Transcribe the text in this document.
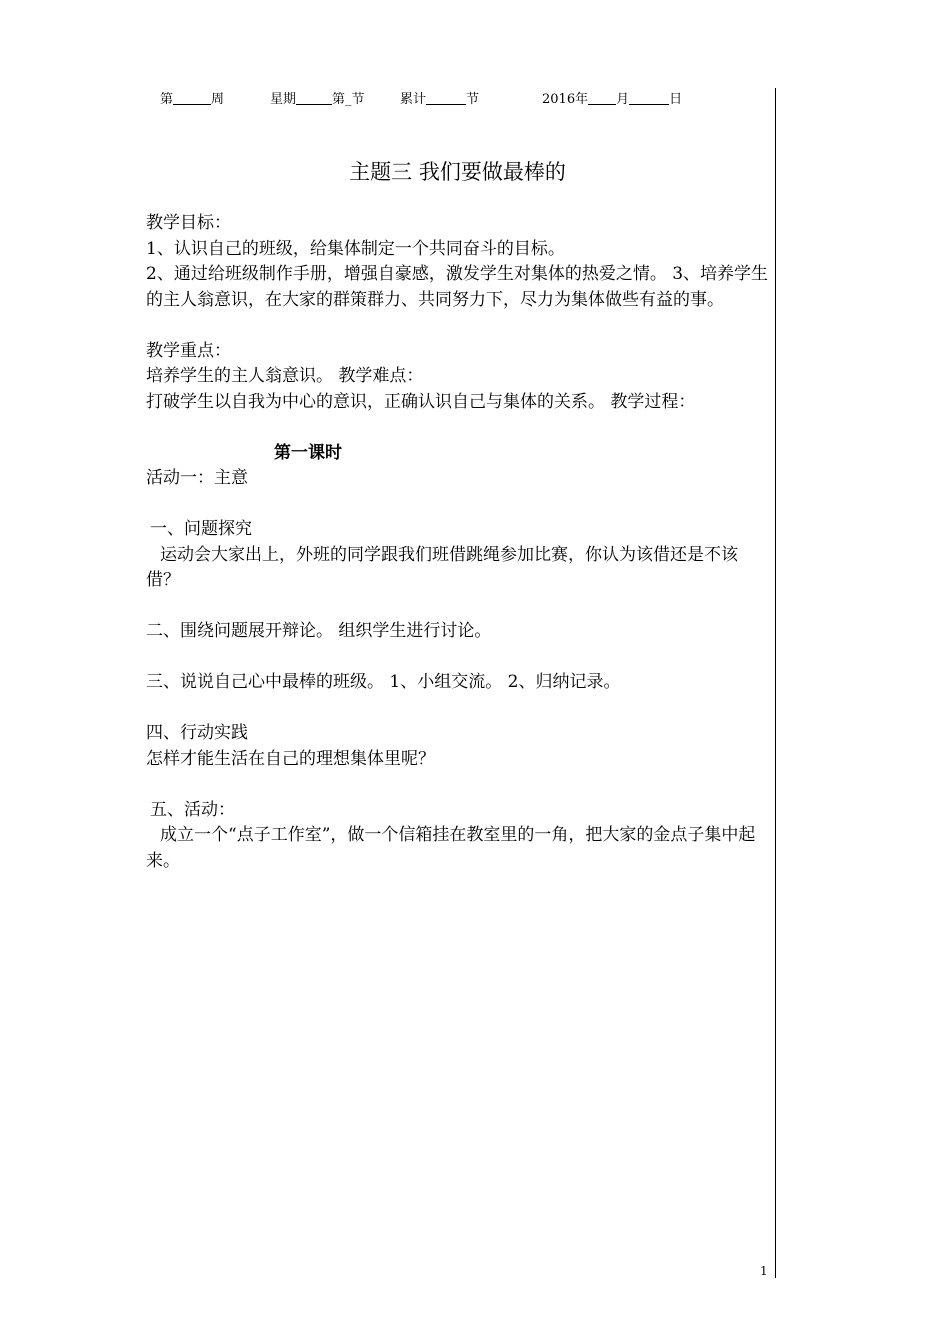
第	周	星期	第_节	累计	节	2016年 月	日
主题三 我们要做最棒的

教学目标：

1、认识自己的班级，给集体制定一个共同奋斗的目标。

2、通过给班级制作手册，增强自豪感，激发学生对集体的热爱之情。 3、培养学生的主人翁意识，在大家的群策群力、共同努力下，尽力为集体做些有益的事。

教学重点：

培养学生的主人翁意识。 教学难点：

打破学生以自我为中心的意识，正确认识自己与集体的关系。 教学过程：

第一课时

活动一：主意

一、问题探究

运动会大家出上，外班的同学跟我们班借跳绳参加比赛，你认为该借还是不该借？

二、围绕问题展开辩论。 组织学生进行讨论。

三、说说自己心中最棒的班级。 1、小组交流。 2、归纳记录。

四、行动实践

怎样才能生活在自己的理想集体里呢？

五、活动：

成立一个“点子工作室”，做一个信箱挂在教室里的一角，把大家的金点子集中起来。

1
